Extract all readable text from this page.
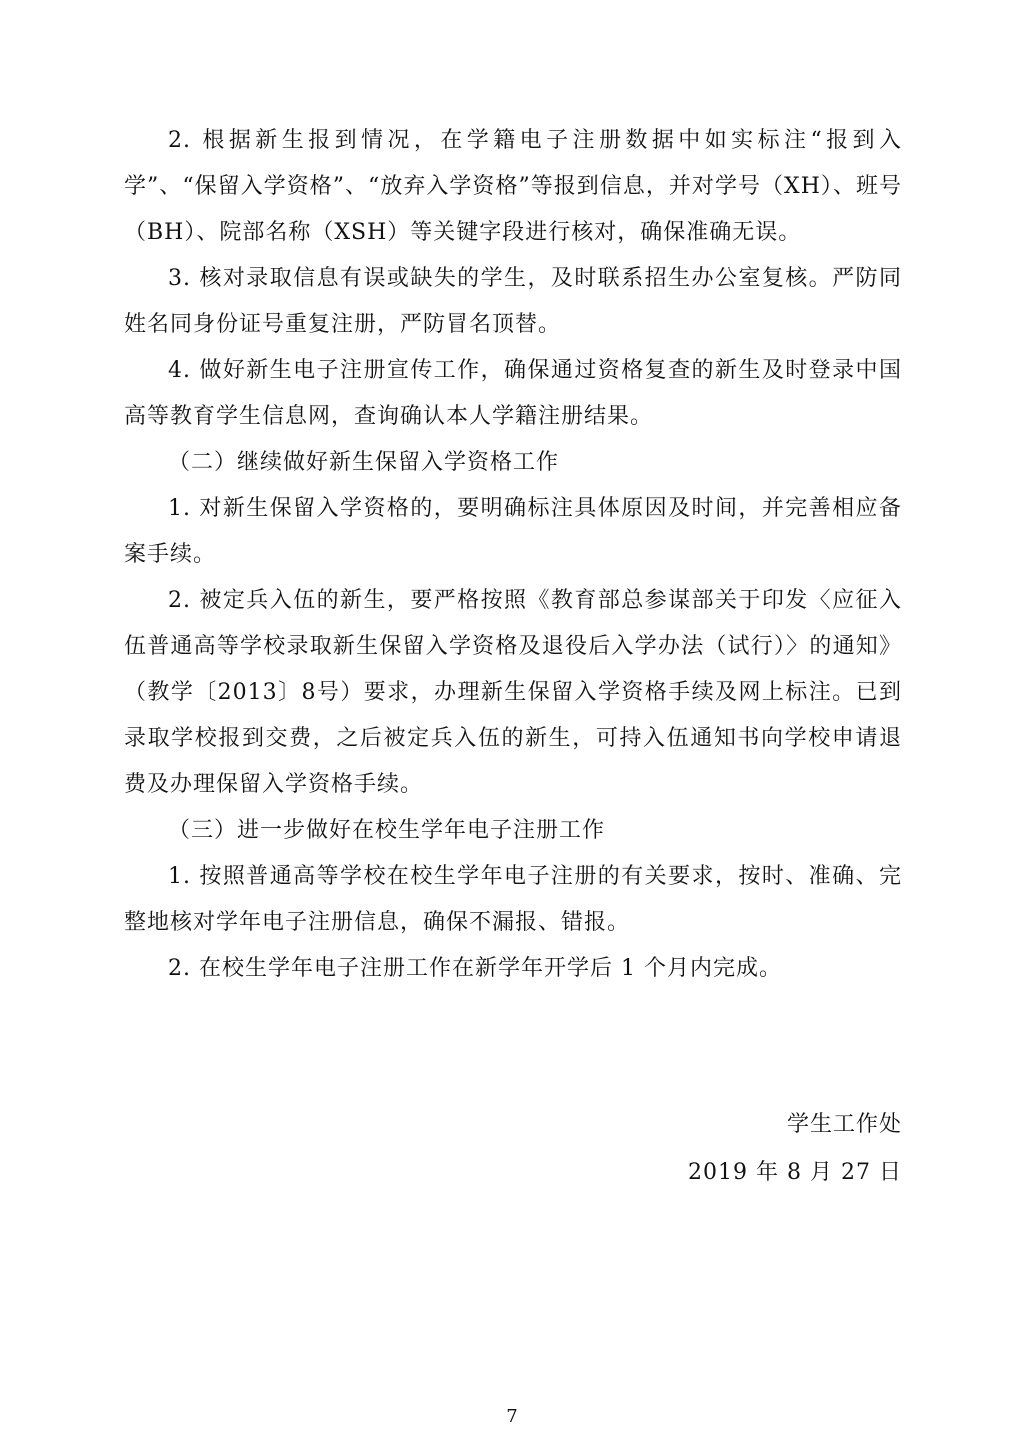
2. 根据新生报到情况，在学籍电子注册数据中如实标注“报到入学”、“保留入学资格”、“放弃入学资格”等报到信息，并对学号（XH）、班号（BH）、院部名称（XSH）等关键字段进行核对，确保准确无误。

3. 核对录取信息有误或缺失的学生，及时联系招生办公室复核。严防同姓名同身份证号重复注册，严防冒名顶替。

4. 做好新生电子注册宣传工作，确保通过资格复查的新生及时登录中国高等教育学生信息网，查询确认本人学籍注册结果。

（二）继续做好新生保留入学资格工作

1. 对新生保留入学资格的，要明确标注具体原因及时间，并完善相应备案手续。

2. 被定兵入伍的新生，要严格按照《教育部总参谋部关于印发〈应征入伍普通高等学校录取新生保留入学资格及退役后入学办法（试行）〉的通知》（教学〔2013〕8号）要求，办理新生保留入学资格手续及网上标注。已到录取学校报到交费，之后被定兵入伍的新生，可持入伍通知书向学校申请退费及办理保留入学资格手续。

（三）进一步做好在校生学年电子注册工作

1. 按照普通高等学校在校生学年电子注册的有关要求，按时、准确、完整地核对学年电子注册信息，确保不漏报、错报。

2. 在校生学年电子注册工作在新学年开学后 1 个月内完成。

学生工作处
2019 年 8 月 27 日
7
